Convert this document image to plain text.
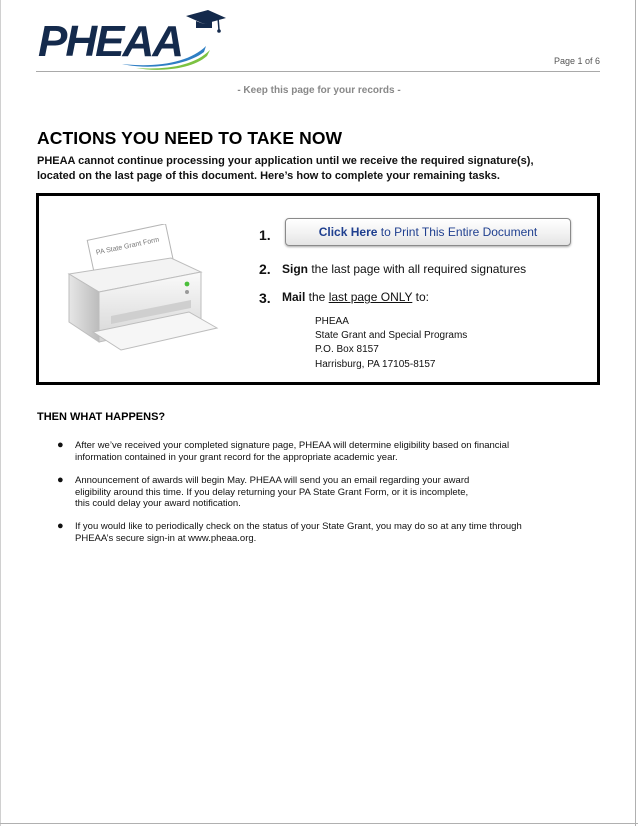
PHEAA	Page 1 of 6
- Keep this page for your records -
ACTIONS YOU NEED TO TAKE NOW
PHEAA cannot continue processing your application until we receive the required signature(s),
located on the last page of this document. Here’s how to complete your remaining tasks.
PA State Grant Form
1.	Click Here to Print This Entire Document
2. Sign the last page with all required signatures
3. Mail the last page ONLY to:
PHEAA
State Grant and Special Programs
P.O. Box 8157
Harrisburg, PA 17105-8157
THEN WHAT HAPPENS?
● After we’ve received your completed signature page, PHEAA will determine eligibility based on financial
information contained in your grant record for the appropriate academic year.
● Announcement of awards will begin May. PHEAA will send you an email regarding your award
eligibility around this time. If you delay returning your PA State Grant Form, or it is incomplete,
this could delay your award notification.
● If you would like to periodically check on the status of your State Grant, you may do so at any time through
PHEAA’s secure sign-in at www.pheaa.org.
